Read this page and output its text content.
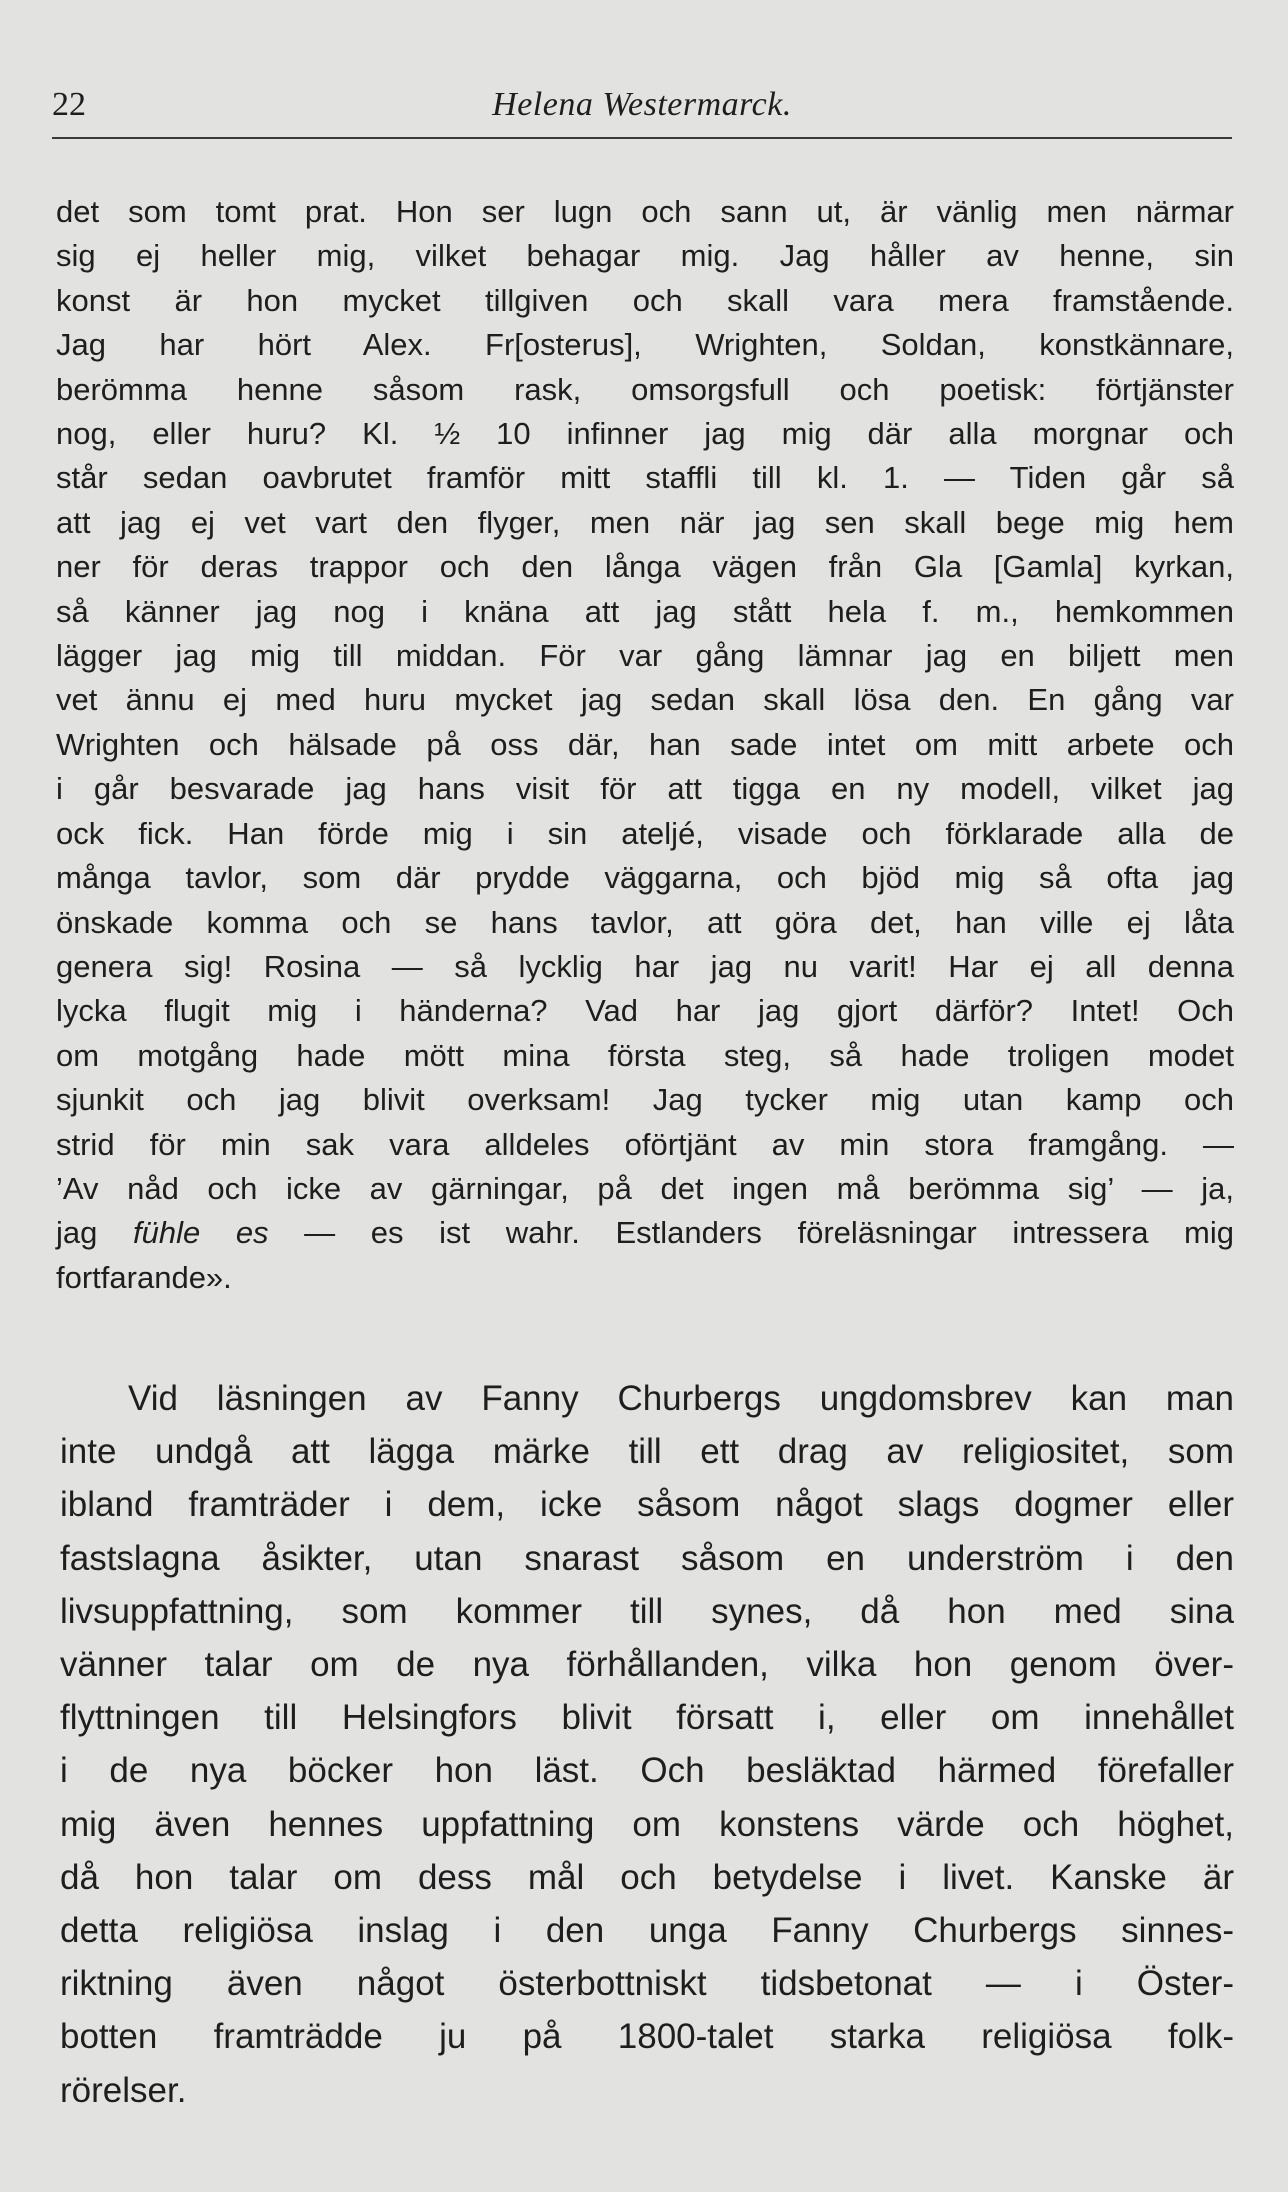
22	Helena Westermarck.
det som tomt prat. Hon ser lugn och sann ut, är vänlig men närmar
sig ej heller mig, vilket behagar mig. Jag håller av henne, sin
konst är hon mycket tillgiven och skall vara mera framstående.
Jag har hört Alex. Fr[osterus], Wrighten, Soldan, konstkännare,
berömma henne såsom rask, omsorgsfull och poetisk: förtjänster
nog, eller huru? Kl. ½ 10 infinner jag mig där alla morgnar och
står sedan oavbrutet framför mitt staffli till kl. 1. — Tiden går så
att jag ej vet vart den flyger, men när jag sen skall bege mig hem
ner för deras trappor och den långa vägen från Gla [Gamla] kyrkan,
så känner jag nog i knäna att jag stått hela f. m., hemkommen
lägger jag mig till middan. För var gång lämnar jag en biljett men
vet ännu ej med huru mycket jag sedan skall lösa den. En gång var
Wrighten och hälsade på oss där, han sade intet om mitt arbete och
i går besvarade jag hans visit för att tigga en ny modell, vilket jag
ock fick. Han förde mig i sin ateljé, visade och förklarade alla de
många tavlor, som där prydde väggarna, och bjöd mig så ofta jag
önskade komma och se hans tavlor, att göra det, han ville ej låta
genera sig! Rosina — så lycklig har jag nu varit! Har ej all denna
lycka flugit mig i händerna? Vad har jag gjort därför? Intet! Och
om motgång hade mött mina första steg, så hade troligen modet
sjunkit och jag blivit overksam! Jag tycker mig utan kamp och
strid för min sak vara alldeles oförtjänt av min stora framgång. —
’Av nåd och icke av gärningar, på det ingen må berömma sig’ — ja,
jag fühle es — es ist wahr. Estlanders föreläsningar intressera mig
fortfarande».
Vid läsningen av Fanny Churbergs ungdomsbrev kan man
inte undgå att lägga märke till ett drag av religiositet, som
ibland framträder i dem, icke såsom något slags dogmer eller
fastslagna åsikter, utan snarast såsom en underström i den
livsuppfattning, som kommer till synes, då hon med sina
vänner talar om de nya förhållanden, vilka hon genom över-
flyttningen till Helsingfors blivit försatt i, eller om innehållet
i de nya böcker hon läst. Och besläktad härmed förefaller
mig även hennes uppfattning om konstens värde och höghet,
då hon talar om dess mål och betydelse i livet. Kanske är
detta religiösa inslag i den unga Fanny Churbergs sinnes-
riktning även något österbottniskt tidsbetonat — i Öster-
botten framträdde ju på 1800-talet starka religiösa folk-
rörelser.
